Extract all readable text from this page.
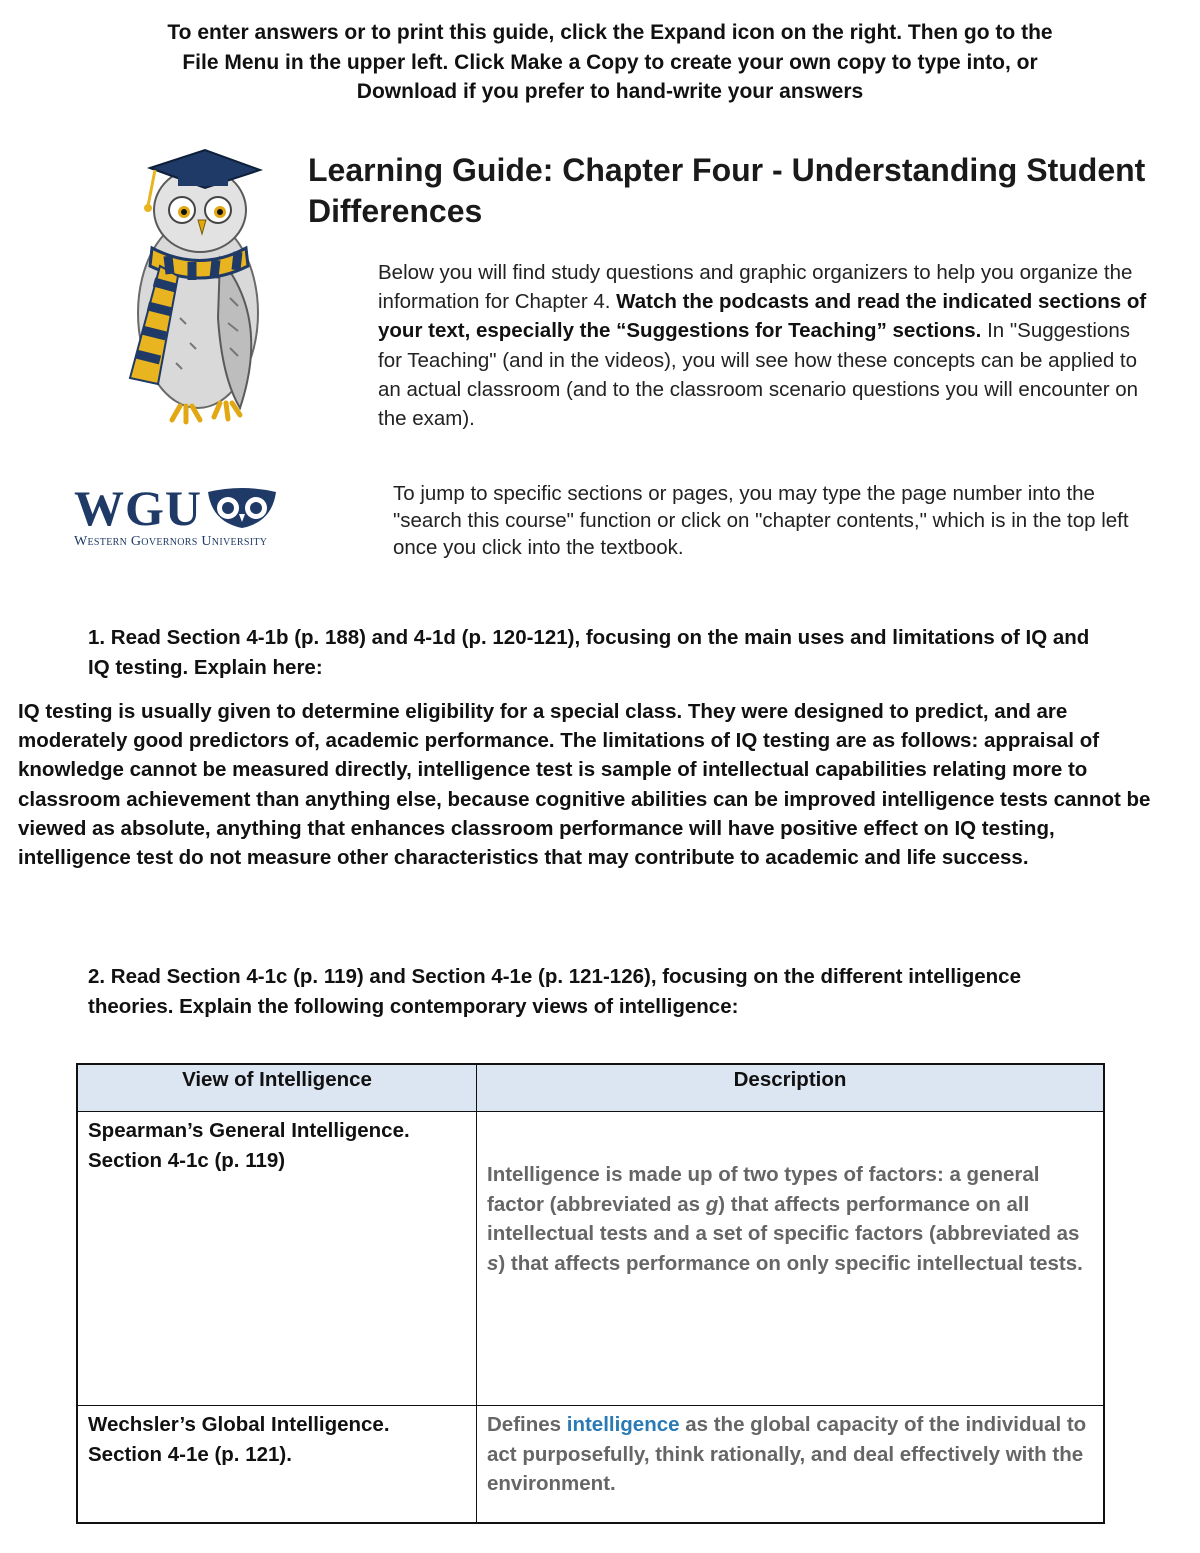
To enter answers or to print this guide, click the Expand icon on the right. Then go to the
File Menu in the upper left. Click Make a Copy to create your own copy to type into, or
Download if you prefer to hand-write your answers
Learning Guide: Chapter Four - Understanding Student Differences
Below you will find study questions and graphic organizers to help you organize the information for Chapter 4. Watch the podcasts and read the indicated sections of your text, especially the “Suggestions for Teaching” sections. In "Suggestions for Teaching" (and in the videos), you will see how these concepts can be applied to an actual classroom (and to the classroom scenario questions you will encounter on the exam).
WGU
Western Governors University
To jump to specific sections or pages, you may type the page number into the "search this course" function or click on "chapter contents," which is in the top left once you click into the textbook.
1. Read Section 4-1b (p. 188) and 4-1d (p. 120-121), focusing on the main uses and limitations of IQ and IQ testing. Explain here:
IQ testing is usually given to determine eligibility for a special class. They were designed to predict, and are moderately good predictors of, academic performance. The limitations of IQ testing are as follows: appraisal of knowledge cannot be measured directly, intelligence test is sample of intellectual capabilities relating more to classroom achievement than anything else, because cognitive abilities can be improved intelligence tests cannot be viewed as absolute, anything that enhances classroom performance will have positive effect on IQ testing, intelligence test do not measure other characteristics that may contribute to academic and life success.
2. Read Section 4-1c (p. 119) and Section 4-1e (p. 121-126), focusing on the different intelligence theories. Explain the following contemporary views of intelligence:
View of Intelligence	Description
Spearman’s General Intelligence. Section 4-1c (p. 119)	Intelligence is made up of two types of factors: a general factor (abbreviated as g) that affects performance on all intellectual tests and a set of specific factors (abbreviated as s) that affects performance on only specific intellectual tests.

Wechsler’s Global Intelligence. Section 4-1e (p. 121).	Defines intelligence as the global capacity of the individual to act purposefully, think rationally, and deal effectively with the environment.
